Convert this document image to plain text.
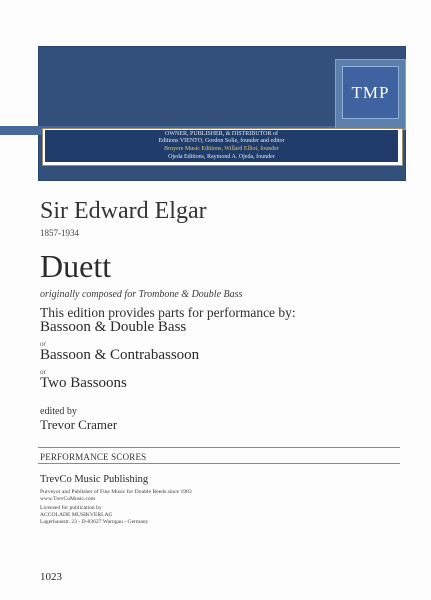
TMP
OWNER, PUBLISHER, & DISTRIBUTOR of
Editions VIENTO, Gordon Solie, founder and editor
Bruyere Music Editions, Willard Elliot, founder
Ojeda Editions, Raymond A. Ojeda, founder
Sir Edward Elgar
1857-1934
Duett
originally composed for Trombone & Double Bass
This edition provides parts for performance by:
Bassoon & Double Bass
or
Bassoon & Contrabassoon
or
Two Bassoons
edited by
Trevor Cramer
PERFORMANCE SCORES
TrevCo Music Publishing
Purveyor and Publisher of Fine Music for Double Reeds since 1983
www.TrevCoMusic.com
Licensed for publication by
ACCOLADE MUSIKVERLAG
Lagerhausstr. 23 - D-83627 Warngau - Germany
1023
